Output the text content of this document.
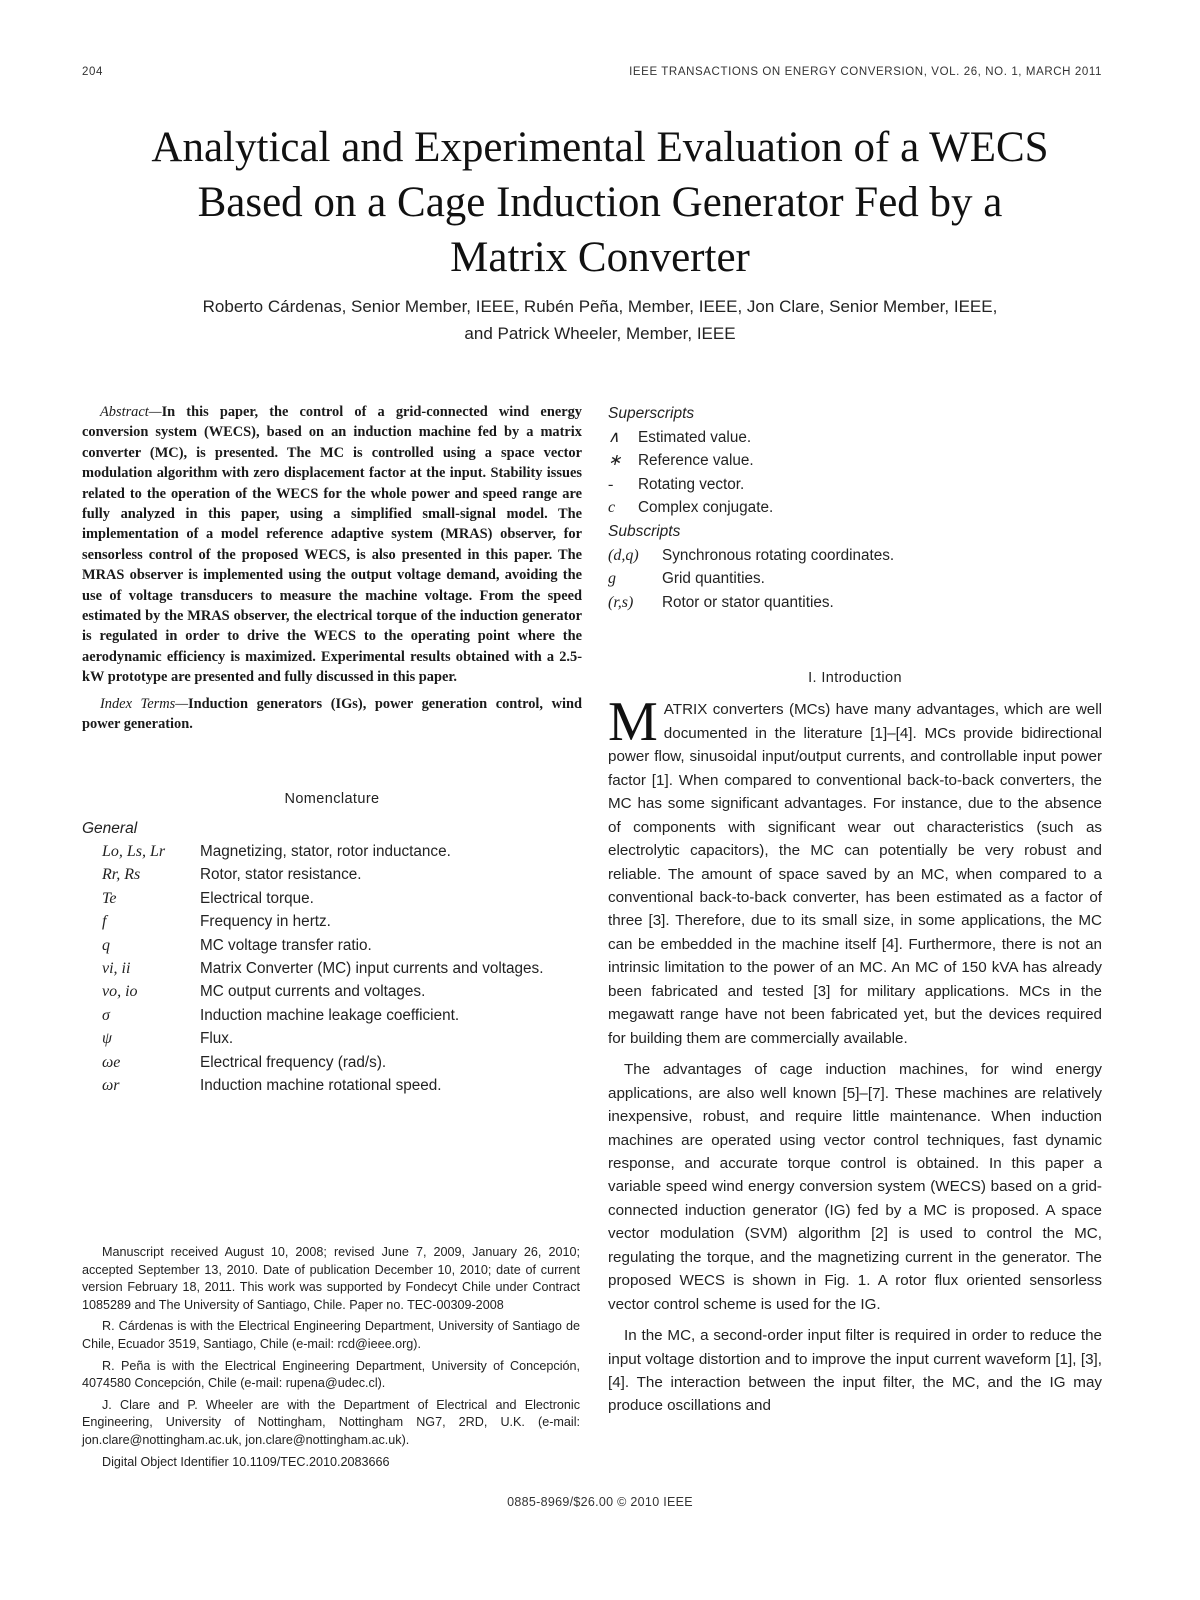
204	IEEE TRANSACTIONS ON ENERGY CONVERSION, VOL. 26, NO. 1, MARCH 2011
Analytical and Experimental Evaluation of a WECS
Based on a Cage Induction Generator Fed by a
Matrix Converter
Roberto Cárdenas, Senior Member, IEEE, Rubén Peña, Member, IEEE, Jon Clare, Senior Member, IEEE,
and Patrick Wheeler, Member, IEEE

Abstract—In this paper, the control of a grid-connected wind energy conversion system (WECS), based on an induction machine fed by a matrix converter (MC), is presented. The MC is controlled using a space vector modulation algorithm with zero displacement factor at the input. Stability issues related to the operation of the WECS for the whole power and speed range are fully analyzed in this paper, using a simplified small-signal model. The implementation of a model reference adaptive system (MRAS) observer, for sensorless control of the proposed WECS, is also presented in this paper. The MRAS observer is implemented using the output voltage demand, avoiding the use of voltage transducers to measure the machine voltage. From the speed estimated by the MRAS observer, the electrical torque of the induction generator is regulated in order to drive the WECS to the operating point where the aerodynamic efficiency is maximized. Experimental results obtained with a 2.5-kW prototype are presented and fully discussed in this paper.

Index Terms—Induction generators (IGs), power generation control, wind power generation.

Nomenclature
General
Lo, Ls, Lr	Magnetizing, stator, rotor inductance.
Rr, Rs	Rotor, stator resistance.
Te	Electrical torque.
f	Frequency in hertz.
q	MC voltage transfer ratio.
vi, ii	Matrix Converter (MC) input currents and voltages.
vo, io	MC output currents and voltages.
σ	Induction machine leakage coefficient.
ψ	Flux.
ωe	Electrical frequency (rad/s).
ωr	Induction machine rotational speed.

Manuscript received August 10, 2008; revised June 7, 2009, January 26, 2010; accepted September 13, 2010. Date of publication December 10, 2010; date of current version February 18, 2011. This work was supported by Fondecyt Chile under Contract 1085289 and The University of Santiago, Chile. Paper no. TEC-00309-2008

R. Cárdenas is with the Electrical Engineering Department, University of Santiago de Chile, Ecuador 3519, Santiago, Chile (e-mail: rcd@ieee.org).

R. Peña is with the Electrical Engineering Department, University of Concepción, 4074580 Concepción, Chile (e-mail: rupena@udec.cl).

J. Clare and P. Wheeler are with the Department of Electrical and Electronic Engineering, University of Nottingham, Nottingham NG7, 2RD, U.K. (e-mail: jon.clare@nottingham.ac.uk, jon.clare@nottingham.ac.uk).

Digital Object Identifier 10.1109/TEC.2010.2083666

Superscripts
∧	Estimated value.
∗	Reference value.
-	Rotating vector.
c	Complex conjugate.
Subscripts
(d,q)	Synchronous rotating coordinates.
g	Grid quantities.
(r,s)	Rotor or stator quantities.
I. Introduction

MATRIX converters (MCs) have many advantages, which are well documented in the literature [1]–[4]. MCs provide bidirectional power flow, sinusoidal input/output currents, and controllable input power factor [1]. When compared to conventional back-to-back converters, the MC has some significant advantages. For instance, due to the absence of components with significant wear out characteristics (such as electrolytic capacitors), the MC can potentially be very robust and reliable. The amount of space saved by an MC, when compared to a conventional back-to-back converter, has been estimated as a factor of three [3]. Therefore, due to its small size, in some applications, the MC can be embedded in the machine itself [4]. Furthermore, there is not an intrinsic limitation to the power of an MC. An MC of 150 kVA has already been fabricated and tested [3] for military applications. MCs in the megawatt range have not been fabricated yet, but the devices required for building them are commercially available.

The advantages of cage induction machines, for wind energy applications, are also well known [5]–[7]. These machines are relatively inexpensive, robust, and require little maintenance. When induction machines are operated using vector control techniques, fast dynamic response, and accurate torque control is obtained. In this paper a variable speed wind energy conversion system (WECS) based on a grid-connected induction generator (IG) fed by a MC is proposed. A space vector modulation (SVM) algorithm [2] is used to control the MC, regulating the torque, and the magnetizing current in the generator. The proposed WECS is shown in Fig. 1. A rotor flux oriented sensorless vector control scheme is used for the IG.

In the MC, a second-order input filter is required in order to reduce the input voltage distortion and to improve the input current waveform [1], [3], [4]. The interaction between the input filter, the MC, and the IG may produce oscillations and

0885-8969/$26.00 © 2010 IEEE
